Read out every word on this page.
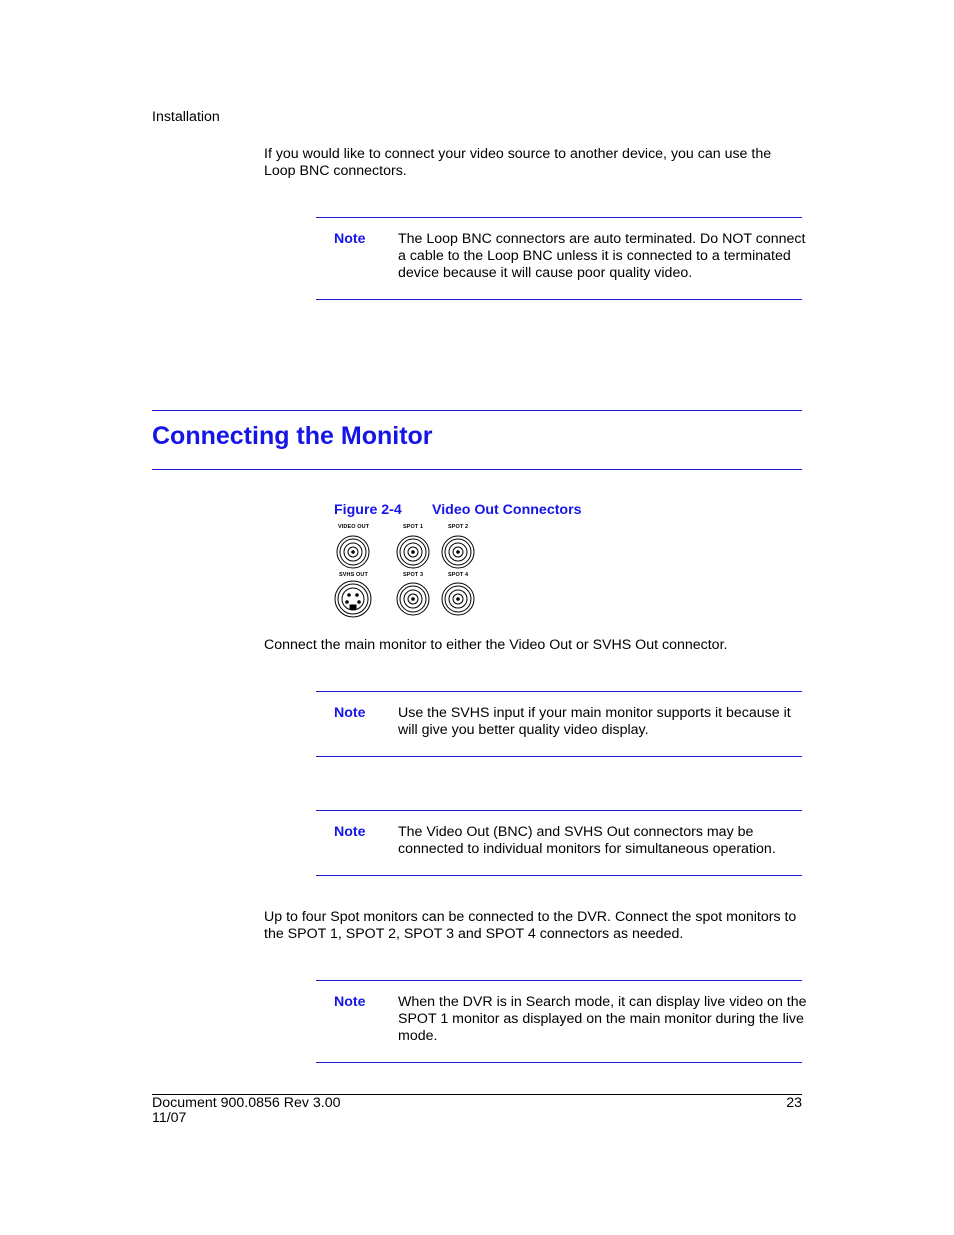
Installation
If you would like to connect your video source to another device, you can use the Loop BNC connectors.
Note The Loop BNC connectors are auto terminated. Do NOT connect a cable to the Loop BNC unless it is connected to a terminated device because it will cause poor quality video.
Connecting the Monitor
Figure 2-4 Video Out Connectors
VIDEO OUT	SPOT 1	SPOT 2
SVHS OUT	SPOT 3	SPOT 4
Connect the main monitor to either the Video Out or SVHS Out connector.
Note Use the SVHS input if your main monitor supports it because it will give you better quality video display.
Note The Video Out (BNC) and SVHS Out connectors may be connected to individual monitors for simultaneous operation.
Up to four Spot monitors can be connected to the DVR. Connect the spot monitors to the SPOT 1, SPOT 2, SPOT 3 and SPOT 4 connectors as needed.
Note When the DVR is in Search mode, it can display live video on the SPOT 1 monitor as displayed on the main monitor during the live mode.
Document 900.0856 Rev 3.00
11/07
23
